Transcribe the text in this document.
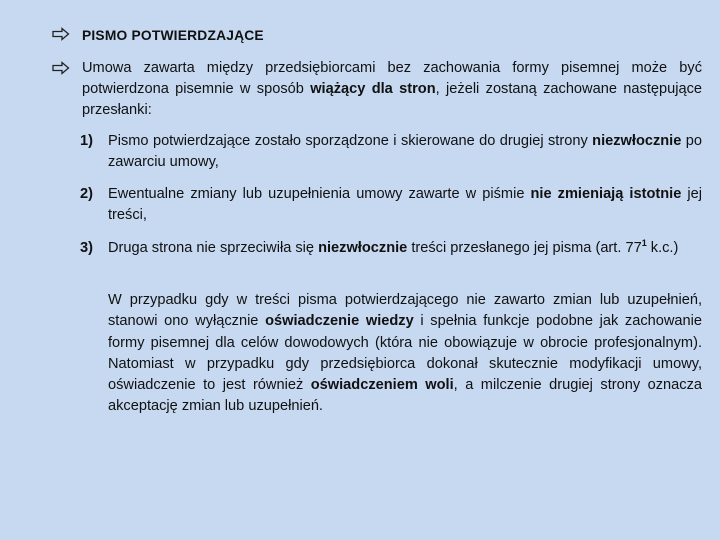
PISMO POTWIERDZAJĄCE
Umowa zawarta między przedsiębiorcami bez zachowania formy pisemnej może być potwierdzona pisemnie w sposób wiążący dla stron, jeżeli zostaną zachowane następujące przesłanki:
1) Pismo potwierdzające zostało sporządzone i skierowane do drugiej strony niezwłocznie po zawarciu umowy,
2) Ewentualne zmiany lub uzupełnienia umowy zawarte w piśmie nie zmieniają istotnie jej treści,
3) Druga strona nie sprzeciwiła się niezwłocznie treści przesłanego jej pisma (art. $77^1$ k.c.)
W przypadku gdy w treści pisma potwierdzającego nie zawarto zmian lub uzupełnień, stanowi ono wyłącznie oświadczenie wiedzy i spełnia funkcje podobne jak zachowanie formy pisemnej dla celów dowodowych (która nie obowiązuje w obrocie profesjonalnym). Natomiast w przypadku gdy przedsiębiorca dokonał skutecznie modyfikacji umowy, oświadczenie to jest również oświadczeniem woli, a milczenie drugiej strony oznacza akceptację zmian lub uzupełnień.
